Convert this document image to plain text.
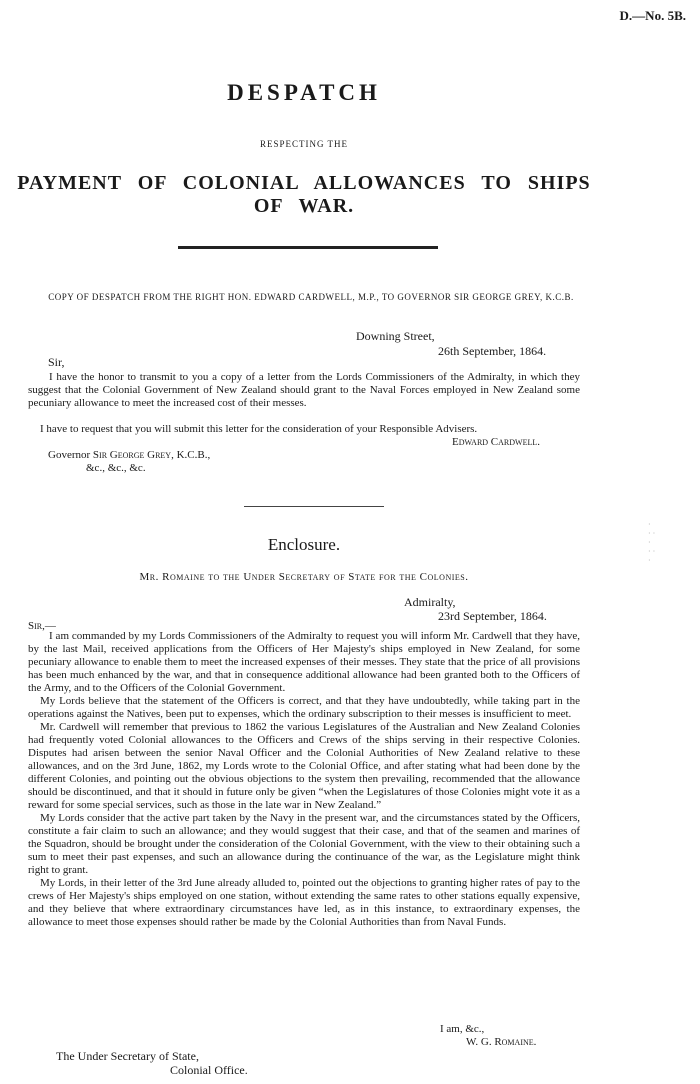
D.—No. 5B.
DESPATCH
RESPECTING THE
PAYMENT OF COLONIAL ALLOWANCES TO SHIPS OF WAR.
COPY OF DESPATCH FROM THE RIGHT HON. EDWARD CARDWELL, M.P., TO GOVERNOR SIR GEORGE GREY, K.C.B.
Downing Street,
26th September, 1864.
Sir,
I have the honor to transmit to you a copy of a letter from the Lords Commissioners of the Admiralty, in which they suggest that the Colonial Government of New Zealand should grant to the Naval Forces employed in New Zealand some pecuniary allowance to meet the increased cost of their messes.
I have to request that you will submit this letter for the consideration of your Responsible Advisers.
Edward Cardwell.
Governor Sir George Grey, K.C.B.,
&c., &c., &c.
Enclosure.
Mr. Romaine to the Under Secretary of State for the Colonies.
Admiralty,
23rd September, 1864.
Sir,—

I am commanded by my Lords Commissioners of the Admiralty to request you will inform Mr. Cardwell that they have, by the last Mail, received applications from the Officers of Her Majesty's ships employed in New Zealand, for some pecuniary allowance to enable them to meet the increased expenses of their messes. They state that the price of all provisions has been much enhanced by the war, and that in consequence additional allowance had been granted both to the Officers of the Army, and to the Officers of the Colonial Government.

My Lords believe that the statement of the Officers is correct, and that they have undoubtedly, while taking part in the operations against the Natives, been put to expenses, which the ordinary subscription to their messes is insufficient to meet.

Mr. Cardwell will remember that previous to 1862 the various Legislatures of the Australian and New Zealand Colonies had frequently voted Colonial allowances to the Officers and Crews of the ships serving in their respective Colonies. Disputes had arisen between the senior Naval Officer and the Colonial Authorities of New Zealand relative to these allowances, and on the 3rd June, 1862, my Lords wrote to the Colonial Office, and after stating what had been done by the different Colonies, and pointing out the obvious objections to the system then prevailing, recommended that the allowance should be discontinued, and that it should in future only be given “when the Legislatures of those Colonies might vote it as a reward for some special services, such as those in the late war in New Zealand.”

My Lords consider that the active part taken by the Navy in the present war, and the circumstances stated by the Officers, constitute a fair claim to such an allowance; and they would suggest that their case, and that of the seamen and marines of the Squadron, should be brought under the consideration of the Colonial Government, with the view to their obtaining such a sum to meet their past expenses, and such an allowance during the continuance of the war, as the Legislature might think right to grant.

My Lords, in their letter of the 3rd June already alluded to, pointed out the objections to granting higher rates of pay to the crews of Her Majesty's ships employed on one station, without extending the same rates to other stations equally expensive, and they believe that where extraordinary circumstances have led, as in this instance, to extraordinary expenses, the allowance to meet those expenses should rather be made by the Colonial Authorities than from Naval Funds.

I am, &c.,
W. G. Romaine.
The Under Secretary of State,
Colonial Office.
·
· ·
·
· ·
·
